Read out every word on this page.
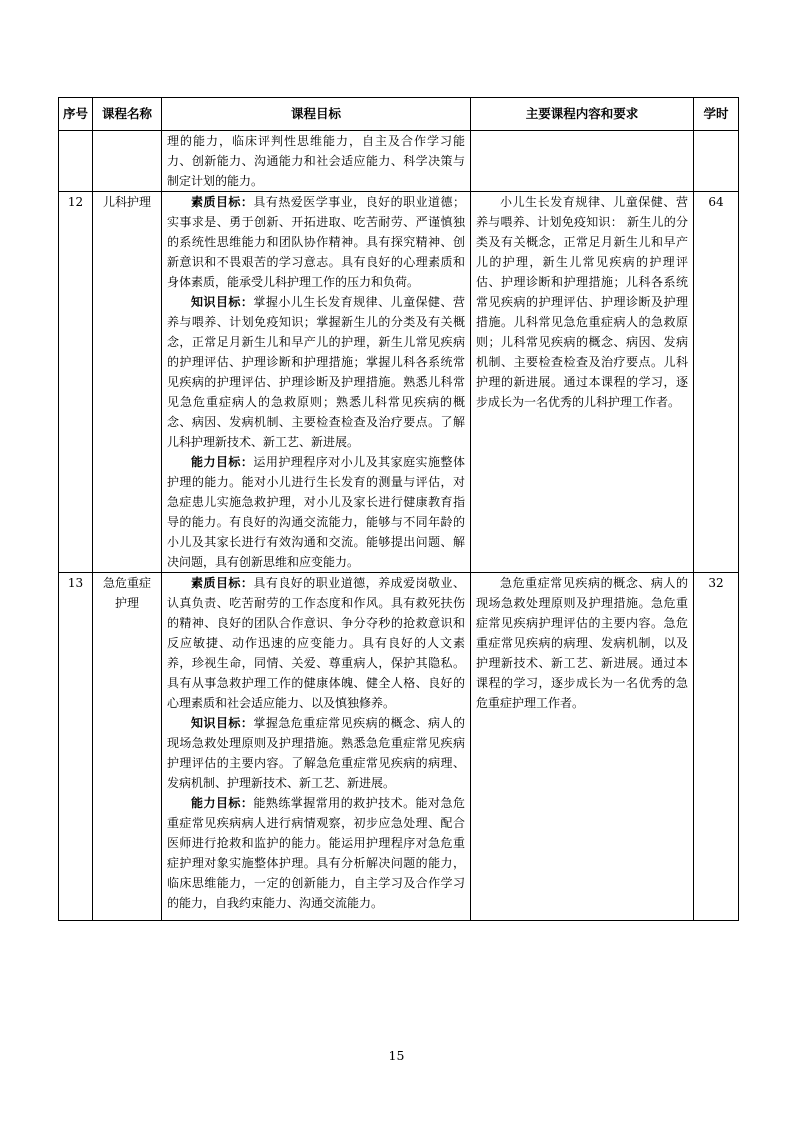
序号	课程名称	课程目标	主要课程内容和要求	学时

		理的能力，临床评判性思维能力，自主及合作学习能力、创新能力、沟通能力和社会适应能力、科学决策与制定计划的能力。		

12	儿科护理	素质目标：具有热爱医学事业，良好的职业道德；实事求是、勇于创新、开拓进取、吃苦耐劳、严谨慎独的系统性思维能力和团队协作精神。具有探究精神、创新意识和不畏艰苦的学习意志。具有良好的心理素质和身体素质，能承受儿科护理工作的压力和负荷。

知识目标：掌握小儿生长发育规律、儿童保健、营养与喂养、计划免疫知识；掌握新生儿的分类及有关概念，正常足月新生儿和早产儿的护理，新生儿常见疾病的护理评估、护理诊断和护理措施；掌握儿科各系统常见疾病的护理评估、护理诊断及护理措施。熟悉儿科常见急危重症病人的急救原则；熟悉儿科常见疾病的概念、病因、发病机制、主要检查检查及治疗要点。了解儿科护理新技术、新工艺、新进展。

能力目标：运用护理程序对小儿及其家庭实施整体护理的能力。能对小儿进行生长发育的测量与评估，对急症患儿实施急救护理，对小儿及家长进行健康教育指导的能力。有良好的沟通交流能力，能够与不同年龄的小儿及其家长进行有效沟通和交流。能够提出问题、解决问题，具有创新思维和应变能力。	小儿生长发育规律、儿童保健、营养与喂养、计划免疫知识： 新生儿的分类及有关概念，正常足月新生儿和早产儿的护理，新生儿常见疾病的护理评估、护理诊断和护理措施；儿科各系统常见疾病的护理评估、护理诊断及护理措施。儿科常见急危重症病人的急救原则；儿科常见疾病的概念、病因、发病机制、主要检查检查及治疗要点。儿科护理的新进展。通过本课程的学习，逐步成长为一名优秀的儿科护理工作者。	64
13	急危重症护理	素质目标：具有良好的职业道德，养成爱岗敬业、认真负责、吃苦耐劳的工作态度和作风。具有救死扶伤的精神、良好的团队合作意识、争分夺秒的抢救意识和反应敏捷、动作迅速的应变能力。具有良好的人文素养，珍视生命，同情、关爱、尊重病人，保护其隐私。具有从事急救护理工作的健康体魄、健全人格、良好的心理素质和社会适应能力、以及慎独修养。

知识目标：掌握急危重症常见疾病的概念、病人的现场急救处理原则及护理措施。熟悉急危重症常见疾病护理评估的主要内容。了解急危重症常见疾病的病理、发病机制、护理新技术、新工艺、新进展。

能力目标：能熟练掌握常用的救护技术。能对急危重症常见疾病病人进行病情观察，初步应急处理、配合医师进行抢救和监护的能力。能运用护理程序对急危重症护理对象实施整体护理。具有分析解决问题的能力，临床思维能力，一定的创新能力，自主学习及合作学习的能力，自我约束能力、沟通交流能力。	急危重症常见疾病的概念、病人的现场急救处理原则及护理措施。急危重症常见疾病护理评估的主要内容。急危重症常见疾病的病理、发病机制，以及护理新技术、新工艺、新进展。通过本课程的学习，逐步成长为一名优秀的急危重症护理工作者。	32
15
